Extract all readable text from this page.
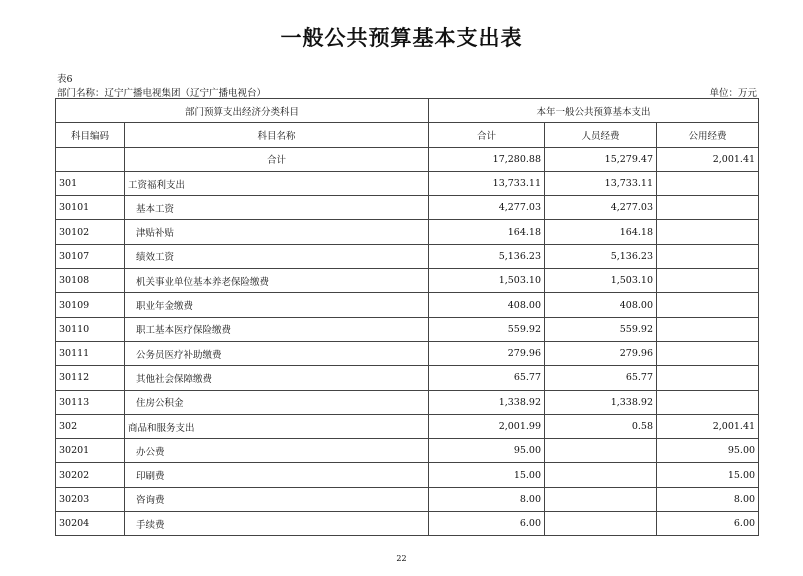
一般公共预算基本支出表
表6
部门名称：辽宁广播电视集团（辽宁广播电视台）	单位：万元
部门预算支出经济分类科目		本年一般公共预算基本支出		
科目编码	科目名称	合计	人员经费	公用经费
	合计	17,280.88	15,279.47	2,001.41
301	工资福利支出	13,733.11	13,733.11	
30101	基本工资	4,277.03	4,277.03	
30102	津贴补贴	164.18	164.18	
30107	绩效工资	5,136.23	5,136.23	
30108	机关事业单位基本养老保险缴费	1,503.10	1,503.10	
30109	职业年金缴费	408.00	408.00	
30110	职工基本医疗保险缴费	559.92	559.92	
30111	公务员医疗补助缴费	279.96	279.96	
30112	其他社会保障缴费	65.77	65.77	
30113	住房公积金	1,338.92	1,338.92	
302	商品和服务支出	2,001.99	0.58	2,001.41
30201	办公费	95.00		95.00
30202	印刷费	15.00		15.00
30203	咨询费	8.00		8.00
30204	手续费	6.00		6.00
22
